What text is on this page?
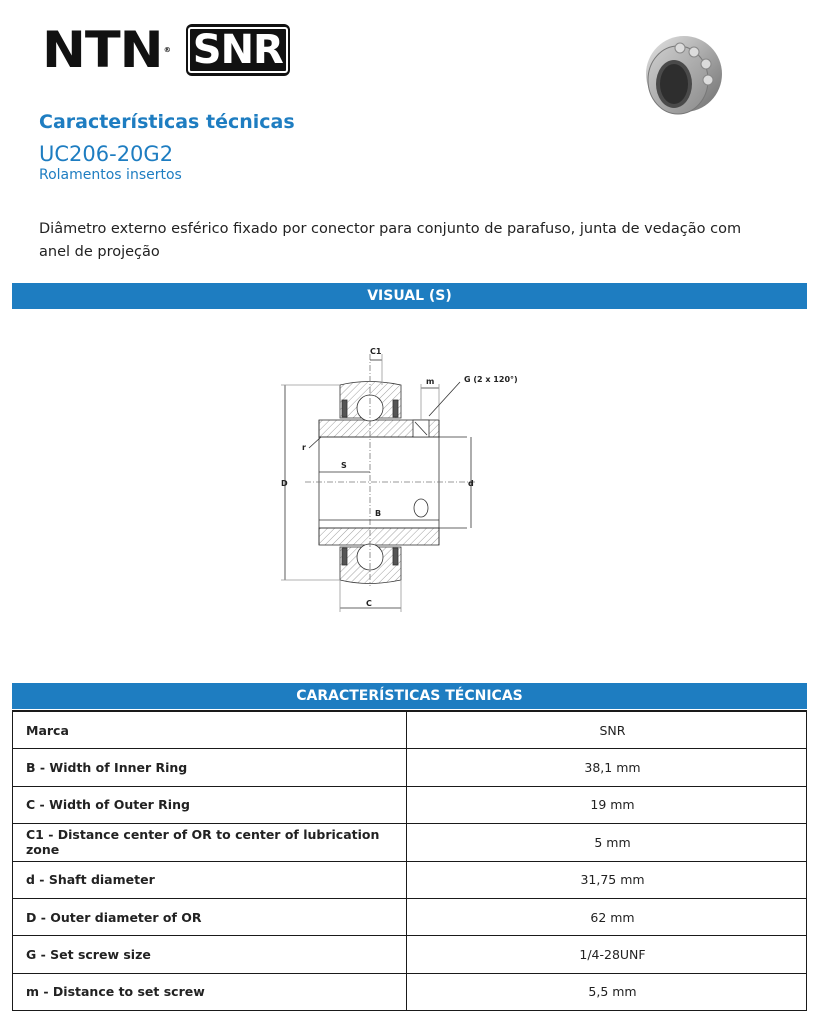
NTN® SNR
Características técnicas
UC206-20G2
Rolamentos insertos
Diâmetro externo esférico fixado por conector para conjunto de parafuso, junta de vedação com anel de projeção
VISUAL (S)
C1
m	G (2 x 120°)
r
S
D	d
B
C
CARACTERÍSTICAS TÉCNICAS
Marca	SNR
B - Width of Inner Ring	38,1 mm
C - Width of Outer Ring	19 mm
C1 - Distance center of OR to center of lubrication zone	5 mm
d - Shaft diameter	31,75 mm
D - Outer diameter of OR	62 mm
G - Set screw size	1/4-28UNF
m - Distance to set screw	5,5 mm
